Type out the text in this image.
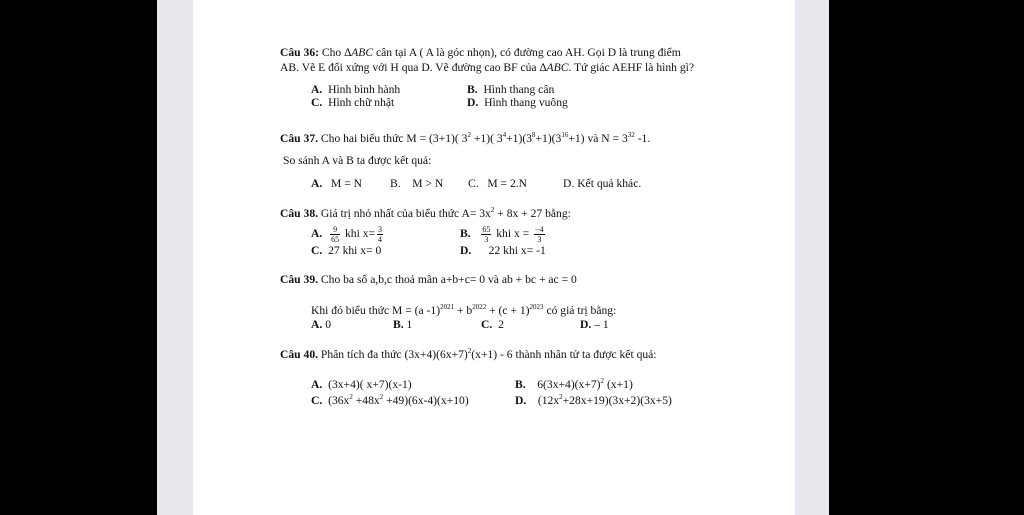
Câu 36: Cho ∆ABC cân tại A ( A là góc nhọn), có đường cao AH. Gọi D là trung điểm
AB. Vẽ E đối xứng với H qua D. Vẽ đường cao BF của ∆ABC. Tứ giác AEHF là hình gì?
A. Hình bình hành	B. Hình thang cân
C. Hình chữ nhật	D. Hình thang vuông
Câu 37. Cho hai biểu thức M = (3+1)( $3^2 +1$)( $3^4+1)(3^8+1)(3^{16}+1)$ và $N = 3^{32}$ -1.
So sánh A và B ta được kết quả:
A. M = N B. M > N C. M = 2.N	D. Kết quả khác.
Câu 38. Giá trị nhỏ nhất của biểu thức $A= 3x^2 + 8x + 27$ bằng:
A. $\frac{9}{65}$ khi $x= \frac{3}{4}$	B. $\frac{65}{3}$ khi $x = \frac{-4}{3}$
C. 27 khi x= 0	D. 22 khi x= -1
Câu 39. Cho ba số a,b,c thoả mãn a+b+c= 0 và ab + bc + ac = 0
Khi đó biểu thức M = (a $-1)^{2021} + b^{2022} + (c + 1)^{2023}$ có giá trị bằng:
A. 0	B. 1	C. 2	D. – 1
Câu 40. Phân tích đa thức $(3x+4)(6x+7)^2(x+1) - 6$ thành nhân tử ta được kết quả:
A. (3x+4)( x+7)(x-1)	B. $6(3x+4)(x+7)^2$ (x+1)
C. $(36x^2 +48x^2 +49)(6x-4)(x+10)$	D. $(12x^2+28x+19)(3x+2)(3x+5)$
